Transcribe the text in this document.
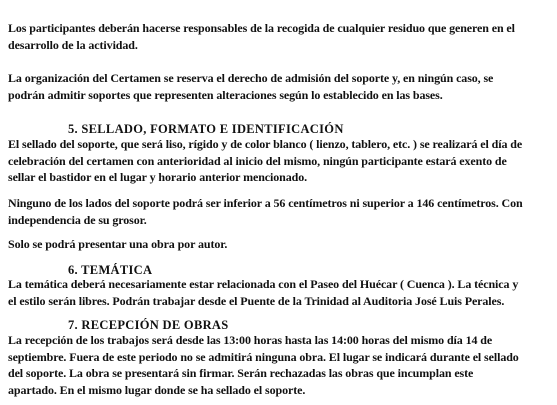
Los participantes deberán hacerse responsables de la recogida de cualquier residuo que generen en el
desarrollo de la actividad.
La organización del Certamen se reserva el derecho de admisión del soporte y, en ningún caso, se
podrán admitir soportes que representen alteraciones según lo establecido en las bases.
5. SELLADO, FORMATO E IDENTIFICACIÓN
El sellado del soporte, que será liso, rígido y de color blanco ( lienzo, tablero, etc. ) se realizará el día de
celebración del certamen con anterioridad al inicio del mismo, ningún participante estará exento de
sellar el bastidor en el lugar y horario anterior mencionado.
Ninguno de los lados del soporte podrá ser inferior a 56 centímetros ni superior a 146 centímetros. Con
independencia de su grosor.
Solo se podrá presentar una obra por autor.
6. TEMÁTICA
La temática deberá necesariamente estar relacionada con el Paseo del Huécar ( Cuenca ). La técnica y
el estilo serán libres. Podrán trabajar desde el Puente de la Trinidad al Auditoria José Luis Perales.
7. RECEPCIÓN DE OBRAS
La recepción de los trabajos será desde las 13:00 horas hasta las 14:00 horas del mismo día 14 de
septiembre. Fuera de este periodo no se admitirá ninguna obra. El lugar se indicará durante el sellado
del soporte. La obra se presentará sin firmar. Serán rechazadas las obras que incumplan este
apartado. En el mismo lugar donde se ha sellado el soporte.
